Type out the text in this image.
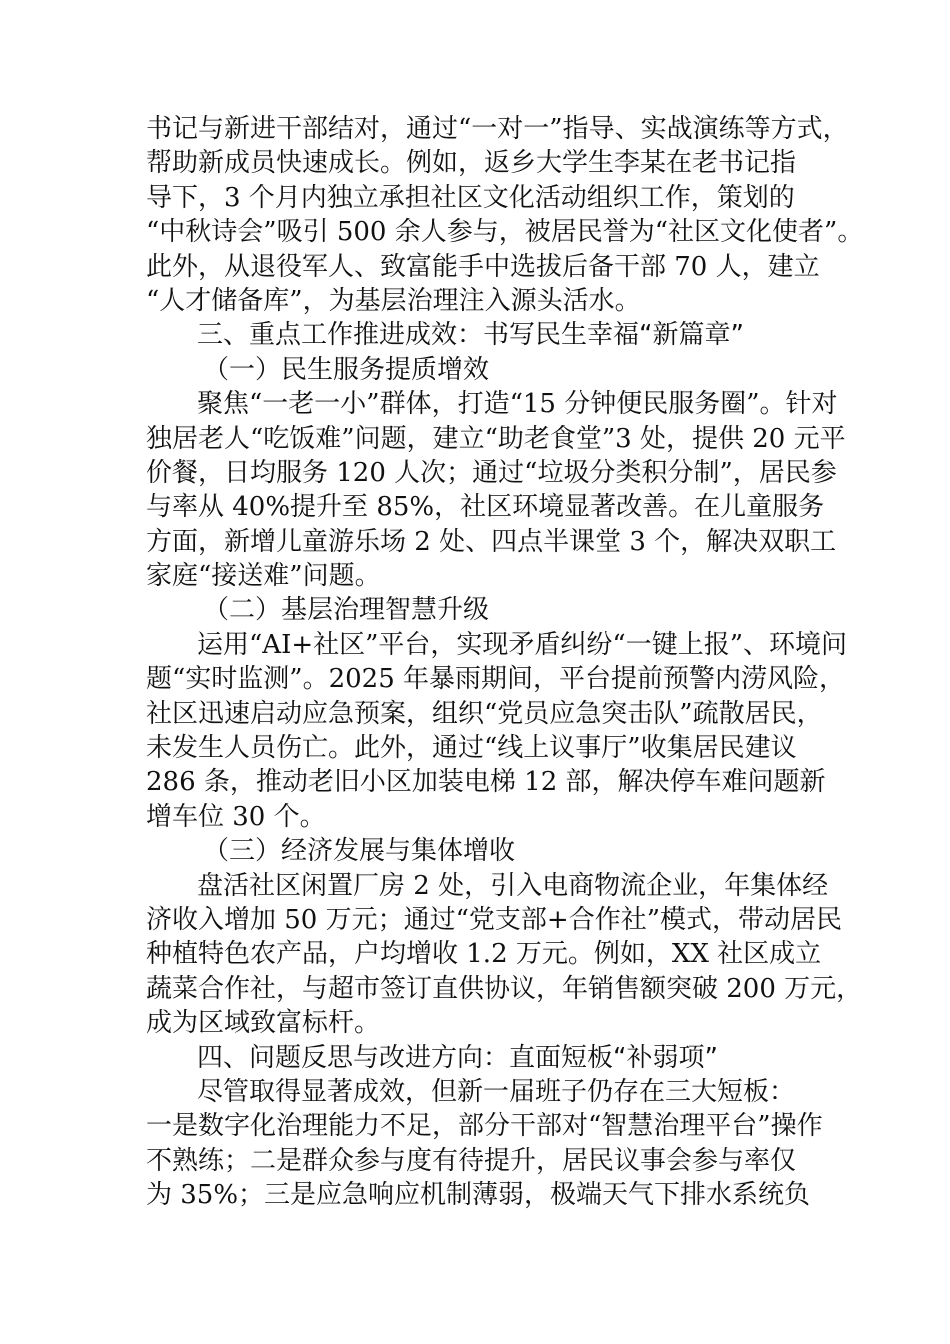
书记与新进干部结对，通过“一对一”指导、实战演练等方式，
帮助新成员快速成长。例如，返乡大学生李某在老书记指
导下，3 个月内独立承担社区文化活动组织工作，策划的
“中秋诗会”吸引 500 余人参与，被居民誉为“社区文化使者”。
此外，从退役军人、致富能手中选拔后备干部 70 人，建立
“人才储备库”，为基层治理注入源头活水。
三、重点工作推进成效：书写民生幸福“新篇章”
（一）民生服务提质增效
聚焦“一老一小”群体，打造“15 分钟便民服务圈”。针对
独居老人“吃饭难”问题，建立“助老食堂”3 处，提供 20 元平
价餐，日均服务 120 人次；通过“垃圾分类积分制”，居民参
与率从 40%提升至 85%，社区环境显著改善。在儿童服务
方面，新增儿童游乐场 2 处、四点半课堂 3 个，解决双职工
家庭“接送难”问题。
（二）基层治理智慧升级
运用“AI+社区”平台，实现矛盾纠纷“一键上报”、环境问
题“实时监测”。2025 年暴雨期间，平台提前预警内涝风险，
社区迅速启动应急预案，组织“党员应急突击队”疏散居民，
未发生人员伤亡。此外，通过“线上议事厅”收集居民建议
286 条，推动老旧小区加装电梯 12 部，解决停车难问题新
增车位 30 个。
（三）经济发展与集体增收
盘活社区闲置厂房 2 处，引入电商物流企业，年集体经
济收入增加 50 万元；通过“党支部+合作社”模式，带动居民
种植特色农产品，户均增收 1.2 万元。例如，XX 社区成立
蔬菜合作社，与超市签订直供协议，年销售额突破 200 万元，
成为区域致富标杆。
四、问题反思与改进方向：直面短板“补弱项”
尽管取得显著成效，但新一届班子仍存在三大短板：
一是数字化治理能力不足，部分干部对“智慧治理平台”操作
不熟练；二是群众参与度有待提升，居民议事会参与率仅
为 35%；三是应急响应机制薄弱，极端天气下排水系统负
